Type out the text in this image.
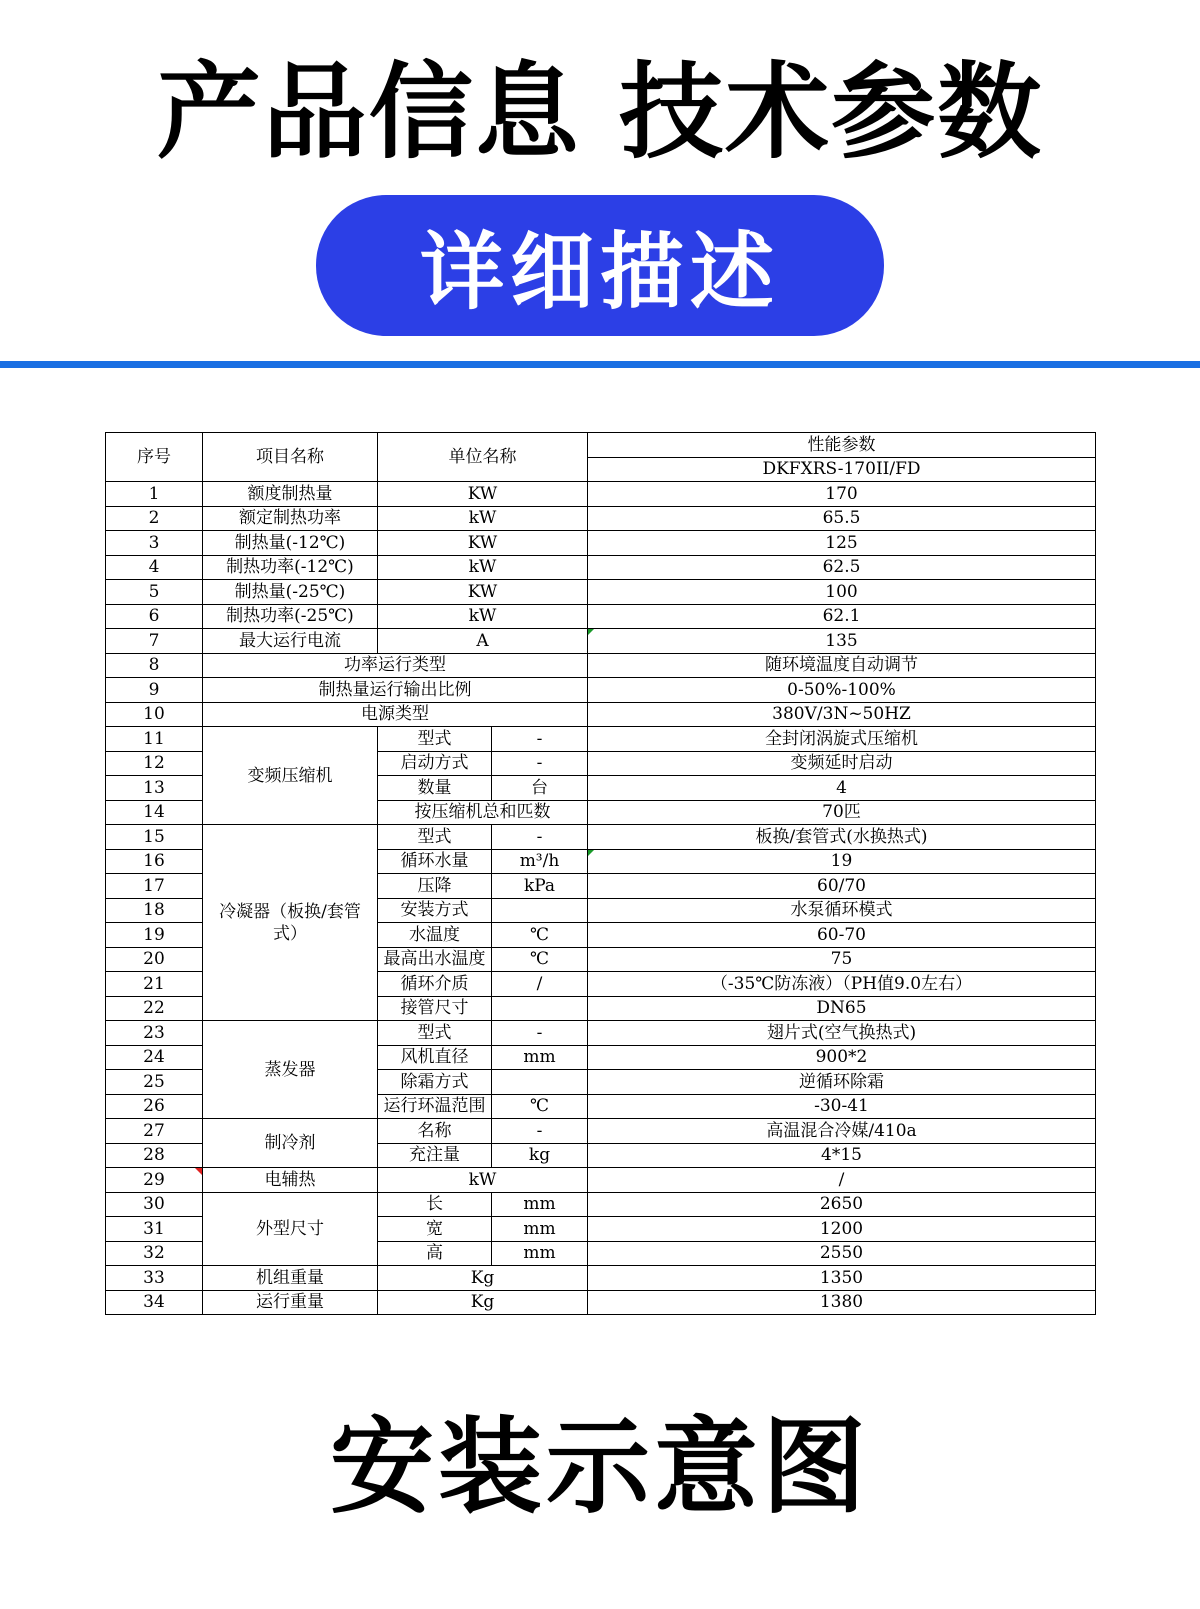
产品信息 技术参数
详细描述
序号	项目名称	单位名称		性能参数
				DKFXRS-170II/FD
1	额度制热量	KW		170
2	额定制热功率	kW		65.5
3	制热量(-12℃)	KW		125
4	制热功率(-12℃)	kW		62.5
5	制热量(-25℃)	KW		100
6	制热功率(-25℃)	kW		62.1
7	最大运行电流	A		135
8	功率运行类型			随环境温度自动调节
9	制热量运行输出比例			0-50%-100%
10	电源类型			380V/3N~50HZ
11	变频压缩机	型式	-	全封闭涡旋式压缩机
12		启动方式	-	变频延时启动
13		数量	台	4
14		按压缩机总和匹数		70匹
15	冷凝器（板换/套管式）	型式	-	板换/套管式(水换热式)
16		循环水量	m³/h	19
17		压降	kPa	60/70
18		安装方式		水泵循环模式
19		水温度	℃	60-70
20		最高出水温度	℃	75
21		循环介质	/	（-35℃防冻液）（PH值9.0左右）
22		接管尺寸		DN65
23	蒸发器	型式	-	翅片式(空气换热式)
24		风机直径	mm	900*2
25		除霜方式		逆循环除霜
26		运行环温范围	℃	-30-41
27	制冷剂	名称	-	高温混合冷媒/410a
28		充注量	kg	4*15
29	电辅热	kW		/
30	外型尺寸	长	mm	2650
31		宽	mm	1200
32		高	mm	2550
33	机组重量	Kg		1350
34	运行重量	Kg		1380
安装示意图
